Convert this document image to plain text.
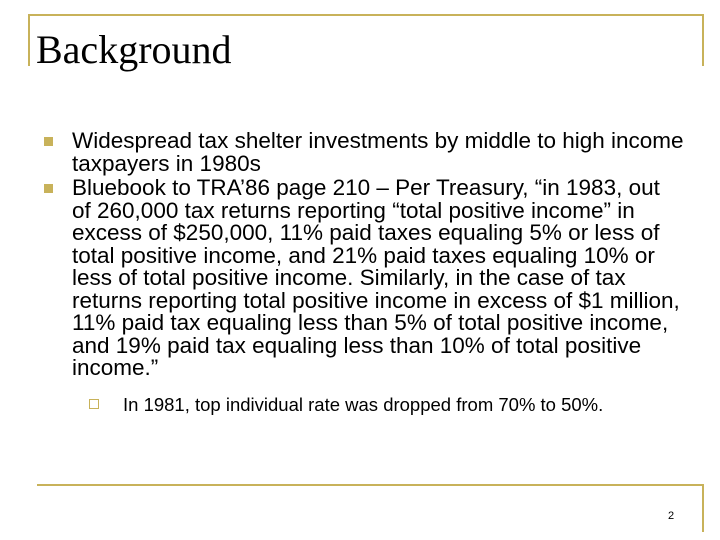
Background
Widespread tax shelter investments by middle to high income taxpayers in 1980s
Bluebook to TRA’86 page 210 – Per Treasury, “in 1983, out of 260,000 tax returns reporting “total positive income” in excess of $250,000, 11% paid taxes equaling 5% or less of total positive income, and 21% paid taxes equaling 10% or less of total positive income. Similarly, in the case of tax returns reporting total positive income in excess of $1 million, 11% paid tax equaling less than 5% of total positive income, and 19% paid tax equaling less than 10% of total positive income.”
In 1981, top individual rate was dropped from 70% to 50%.
2
